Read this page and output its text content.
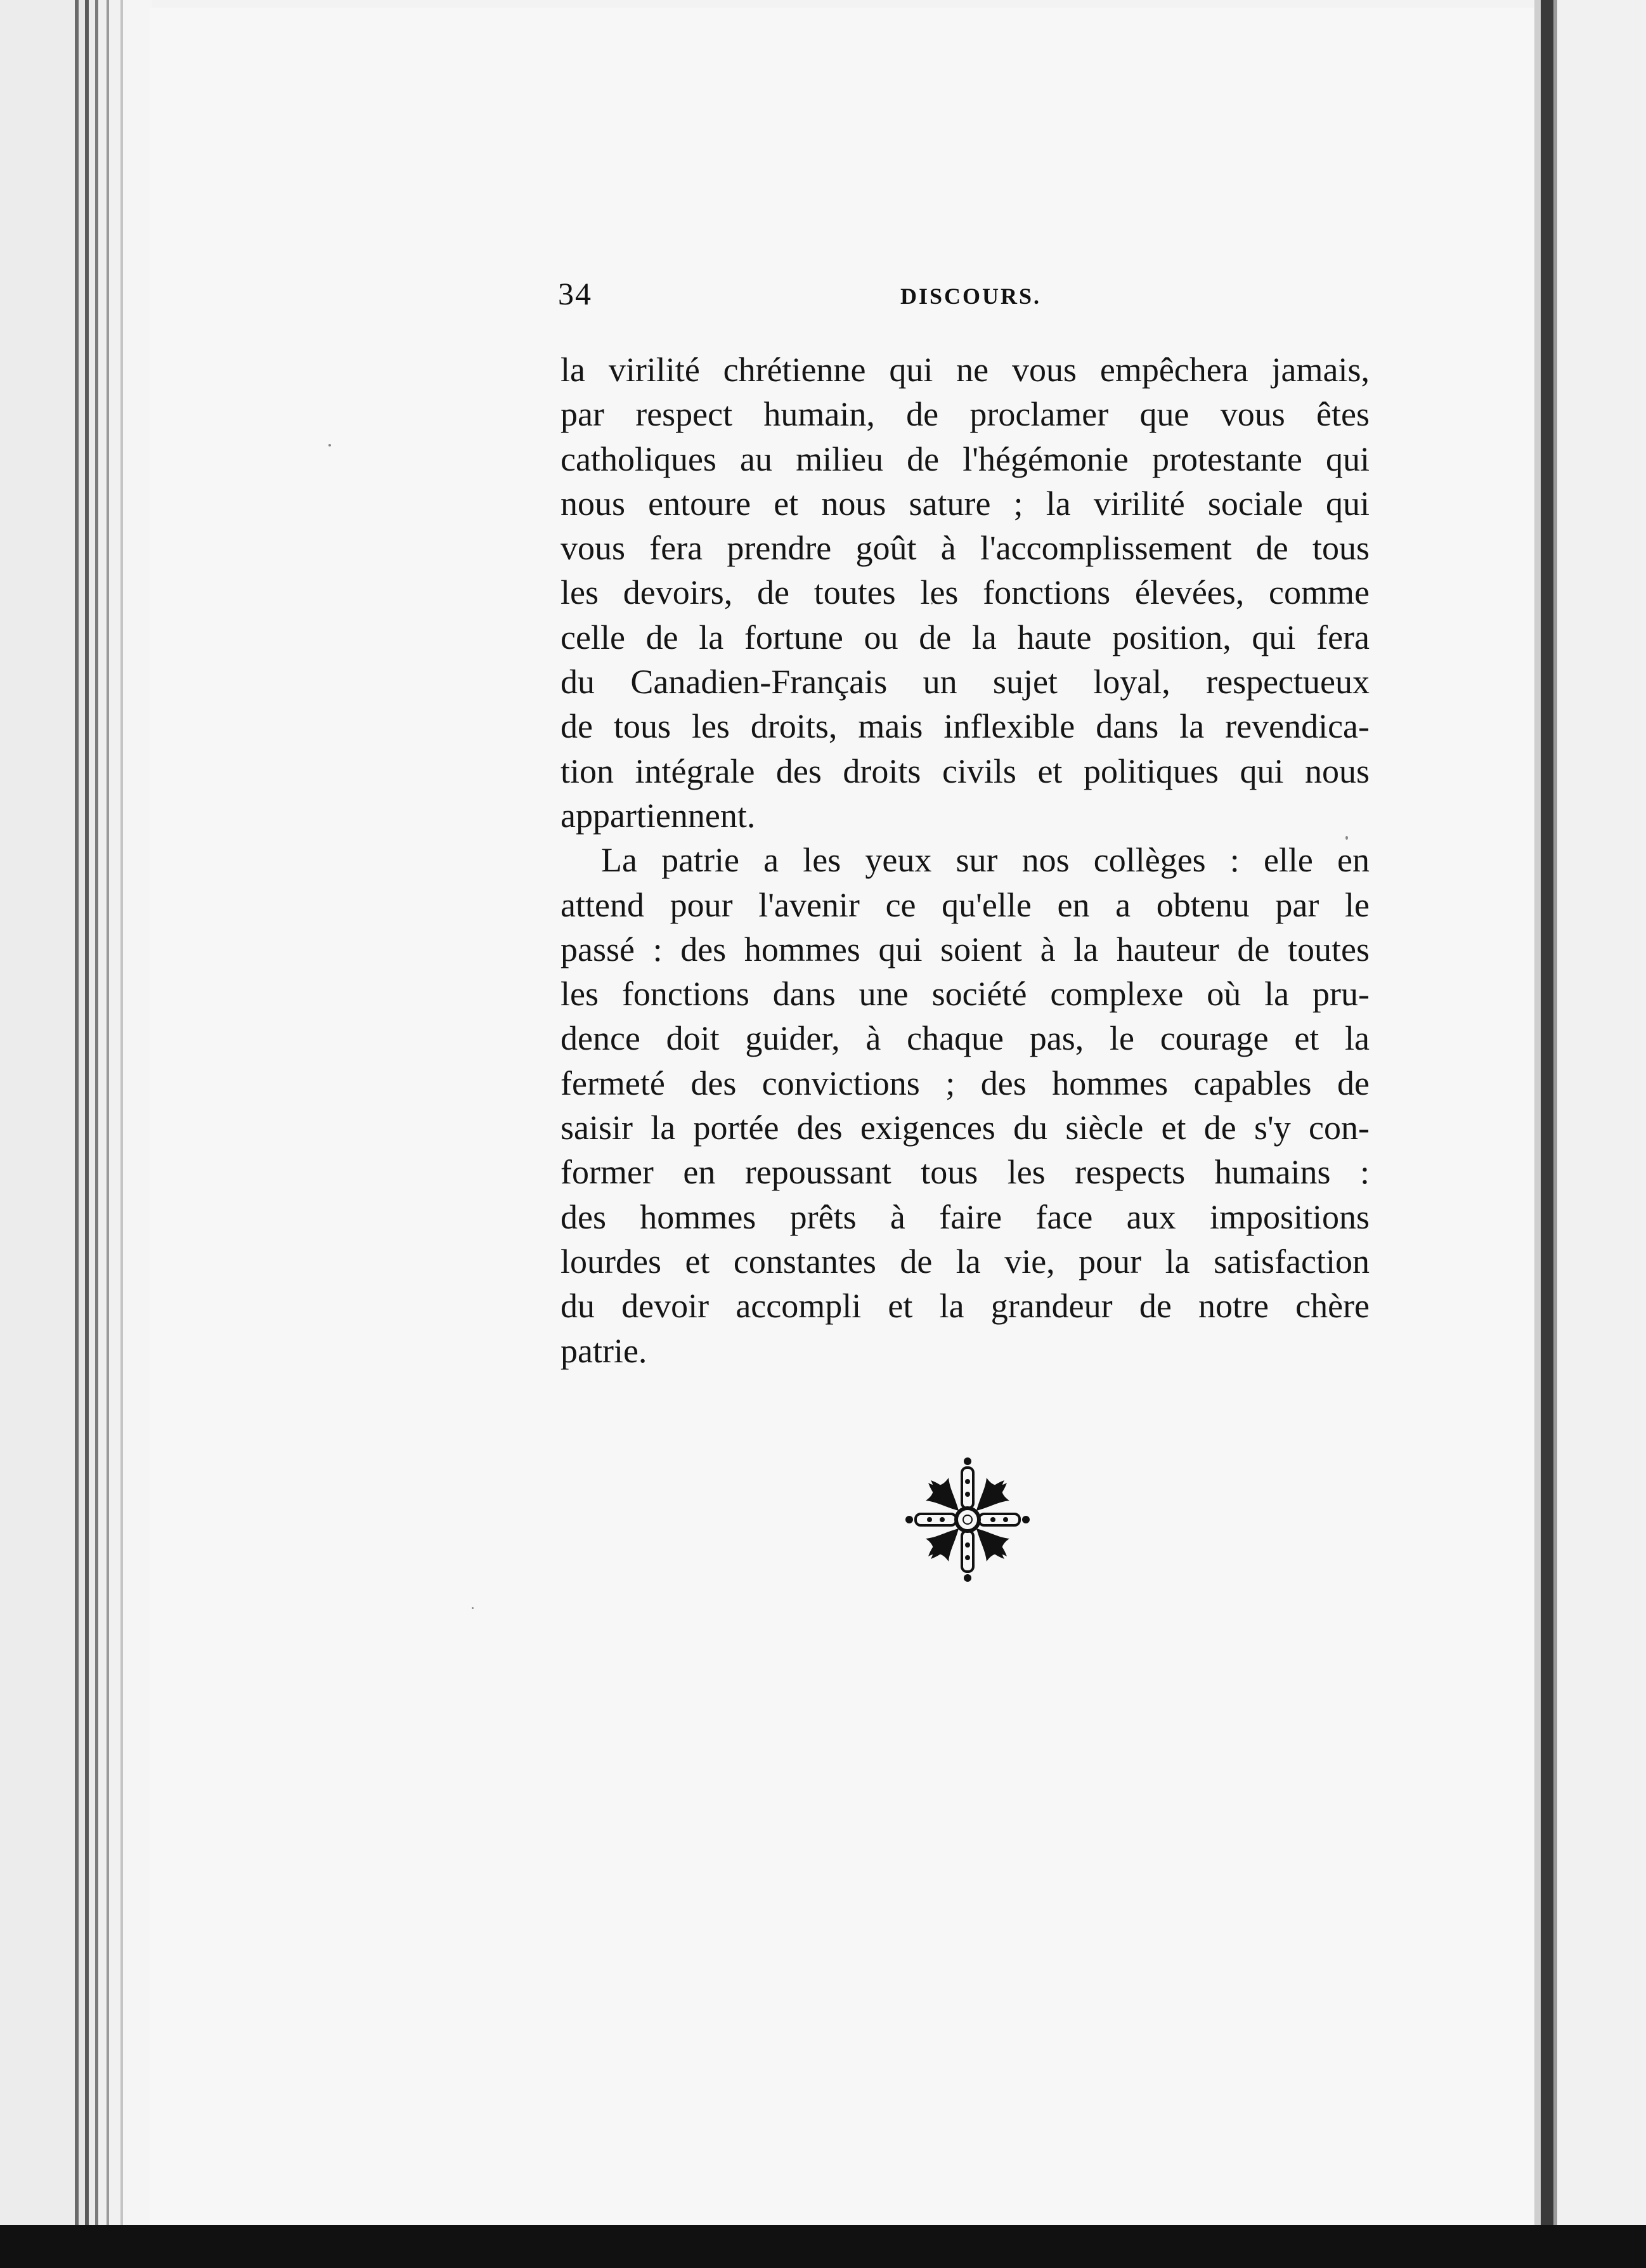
34	DISCOURS.
la virilité chrétienne qui ne vous empêchera jamais,
par respect humain, de proclamer que vous êtes
catholiques au milieu de l'hégémonie protestante qui
nous entoure et nous sature ; la virilité sociale qui
vous fera prendre goût à l'accomplissement de tous
les devoirs, de toutes les fonctions élevées, comme
celle de la fortune ou de la haute position, qui fera
du Canadien-Français un sujet loyal, respectueux
de tous les droits, mais inflexible dans la revendica-
tion intégrale des droits civils et politiques qui nous
appartiennent.
La patrie a les yeux sur nos collèges : elle en
attend pour l'avenir ce qu'elle en a obtenu par le
passé : des hommes qui soient à la hauteur de toutes
les fonctions dans une société complexe où la pru-
dence doit guider, à chaque pas, le courage et la
fermeté des convictions ; des hommes capables de
saisir la portée des exigences du siècle et de s'y con-
former en repoussant tous les respects humains :
des hommes prêts à faire face aux impositions
lourdes et constantes de la vie, pour la satisfaction
du devoir accompli et la grandeur de notre chère
patrie.
